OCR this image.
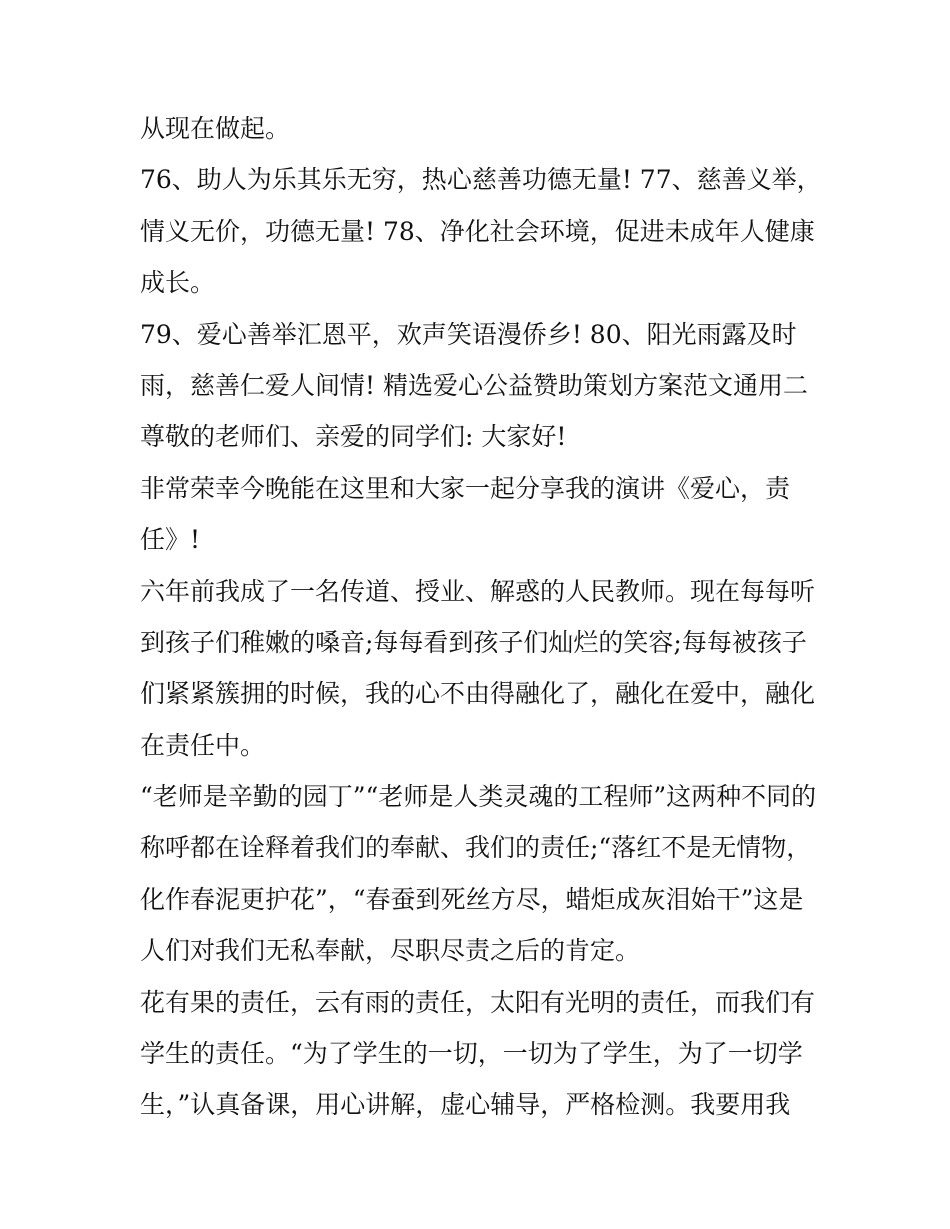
从现在做起。
76、助人为乐其乐无穷，热心慈善功德无量! 77、慈善义举，
情义无价，功德无量! 78、净化社会环境，促进未成年人健康
成长。
79、爱心善举汇恩平，欢声笑语漫侨乡! 80、阳光雨露及时
雨，慈善仁爱人间情! 精选爱心公益赞助策划方案范文通用二
尊敬的老师们、亲爱的同学们: 大家好!
非常荣幸今晚能在这里和大家一起分享我的演讲《爱心，责
任》!
六年前我成了一名传道、授业、解惑的人民教师。现在每每听
到孩子们稚嫩的嗓音;每每看到孩子们灿烂的笑容;每每被孩子
们紧紧簇拥的时候，我的心不由得融化了，融化在爱中，融化
在责任中。
“老师是辛勤的园丁”“老师是人类灵魂的工程师”这两种不同的
称呼都在诠释着我们的奉献、我们的责任;“落红不是无情物，
化作春泥更护花”，“春蚕到死丝方尽，蜡炬成灰泪始干”这是
人们对我们无私奉献，尽职尽责之后的肯定。
花有果的责任，云有雨的责任，太阳有光明的责任，而我们有
学生的责任。“为了学生的一切，一切为了学生，为了一切学
生，”认真备课，用心讲解，虚心辅导，严格检测。我要用我
